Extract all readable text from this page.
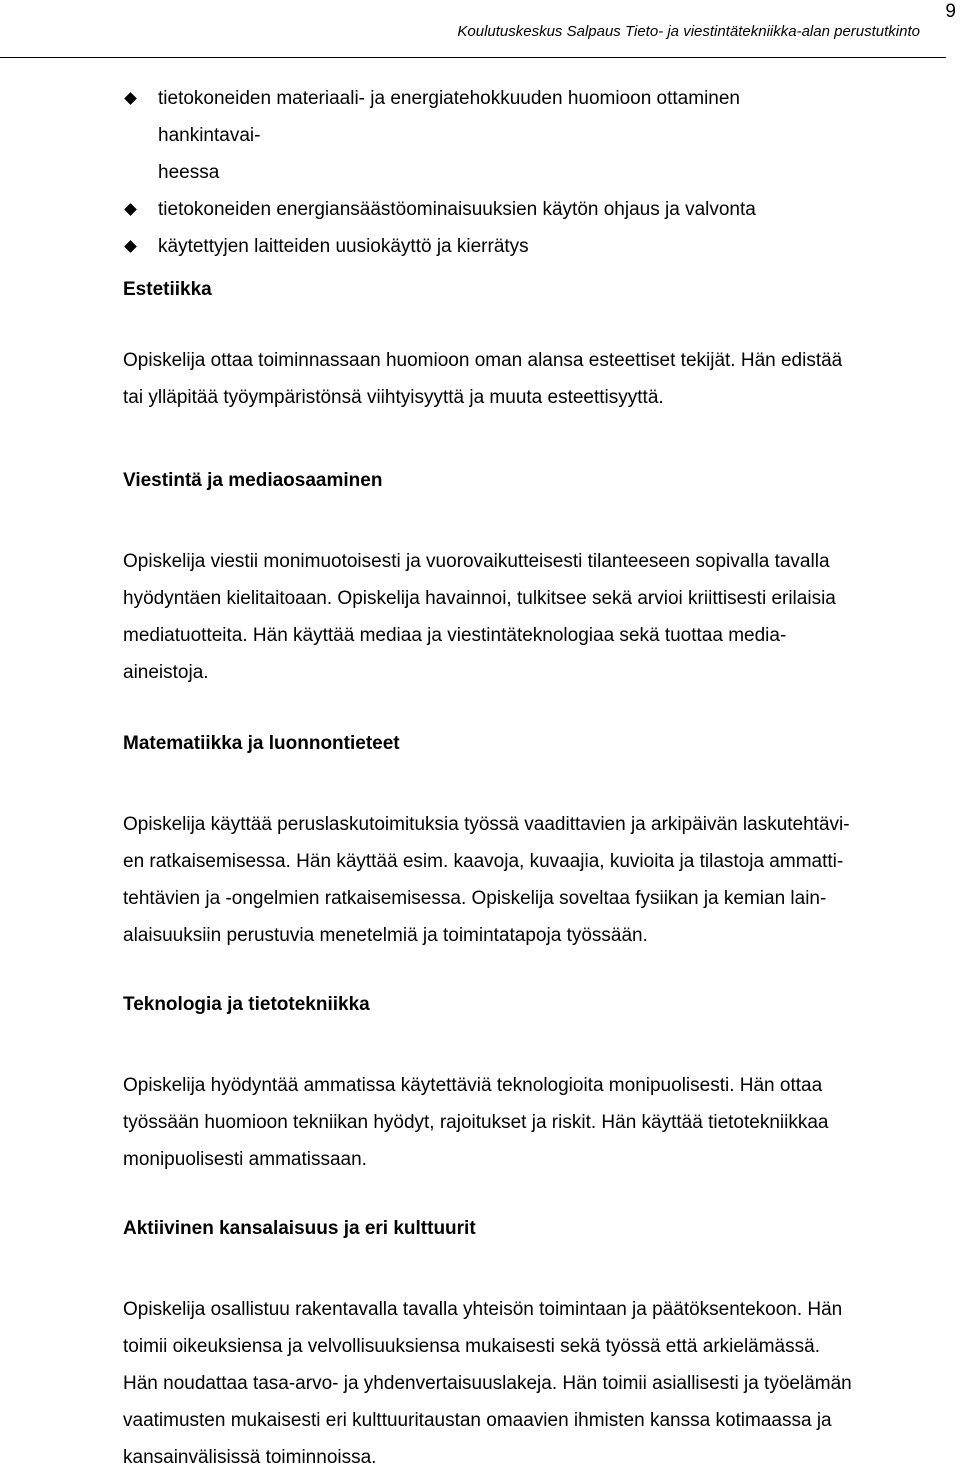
9
Koulutuskeskus Salpaus Tieto- ja viestintätekniikka-alan perustutkinto
tietokoneiden materiaali- ja energiatehokkuuden huomioon ottaminen hankintavai-
heessa
tietokoneiden energiansäästöominaisuuksien käytön ohjaus ja valvonta
käytettyjen laitteiden uusiokäyttö ja kierrätys
Estetiikka

Opiskelija ottaa toiminnassaan huomioon oman alansa esteettiset tekijät. Hän edistää
tai ylläpitää työympäristönsä viihtyisyyttä ja muuta esteettisyyttä.

Viestintä ja mediaosaaminen

Opiskelija viestii monimuotoisesti ja vuorovaikutteisesti tilanteeseen sopivalla tavalla
hyödyntäen kielitaitoaan. Opiskelija havainnoi, tulkitsee sekä arvioi kriittisesti erilaisia
mediatuotteita. Hän käyttää mediaa ja viestintäteknologiaa sekä tuottaa media-
aineistoja.

Matematiikka ja luonnontieteet

Opiskelija käyttää peruslaskutoimituksia työssä vaadittavien ja arkipäivän laskutehtävi-
en ratkaisemisessa. Hän käyttää esim. kaavoja, kuvaajia, kuvioita ja tilastoja ammatti-
tehtävien ja -ongelmien ratkaisemisessa. Opiskelija soveltaa fysiikan ja kemian lain-
alaisuuksiin perustuvia menetelmiä ja toimintatapoja työssään.

Teknologia ja tietotekniikka

Opiskelija hyödyntää ammatissa käytettäviä teknologioita monipuolisesti. Hän ottaa
työssään huomioon tekniikan hyödyt, rajoitukset ja riskit. Hän käyttää tietotekniikkaa
monipuolisesti ammatissaan.

Aktiivinen kansalaisuus ja eri kulttuurit

Opiskelija osallistuu rakentavalla tavalla yhteisön toimintaan ja päätöksentekoon. Hän
toimii oikeuksiensa ja velvollisuuksiensa mukaisesti sekä työssä että arkielämässä.
Hän noudattaa tasa-arvo- ja yhdenvertaisuuslakeja. Hän toimii asiallisesti ja työelämän
vaatimusten mukaisesti eri kulttuuritaustan omaavien ihmisten kanssa kotimaassa ja
kansainvälisissä toiminnoissa.
